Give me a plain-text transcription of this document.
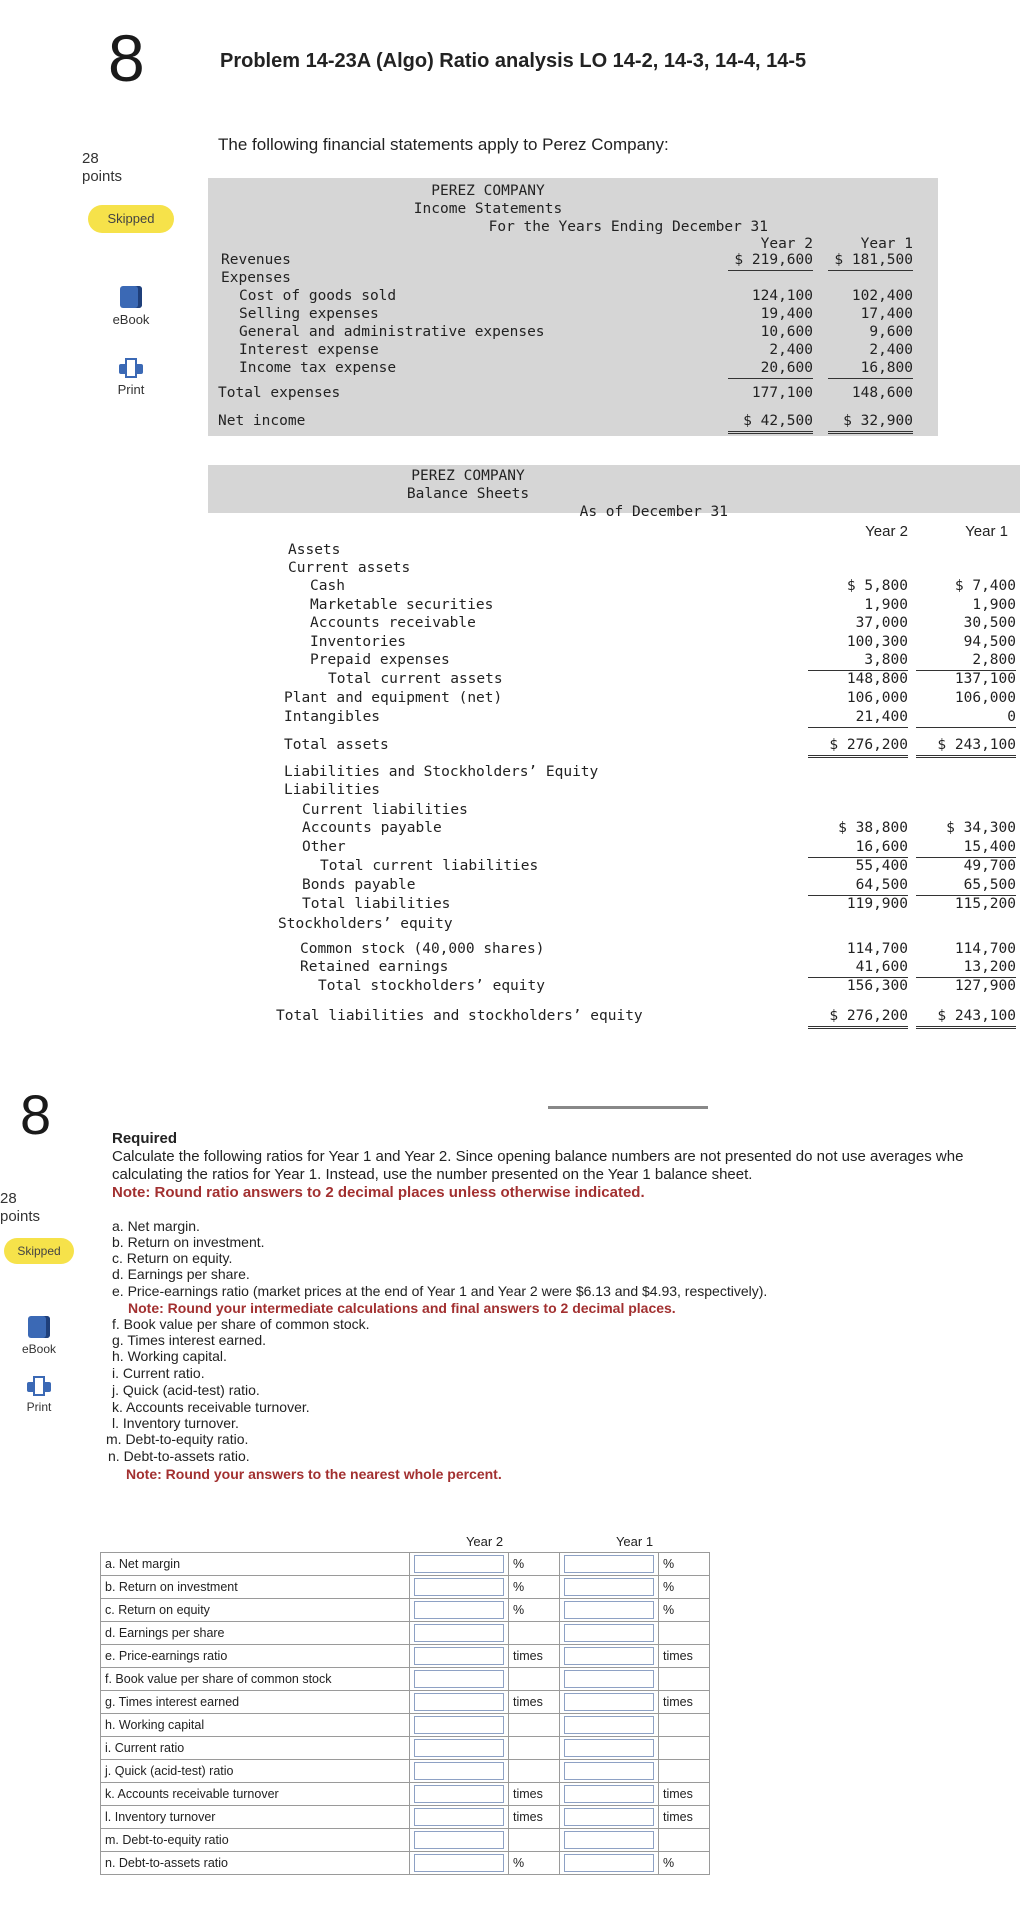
8
28
points
Skipped
eBook
Print
Problem 14-23A (Algo) Ratio analysis LO 14-2, 14-3, 14-4, 14-5
The following financial statements apply to Perez Company:
PEREZ COMPANY
Income Statements
For the Years Ending December 31
Year 2	Year 1
Revenues	$ 219,600	$ 181,500
Expenses
Cost of goods sold	124,100	102,400
Selling expenses	19,400	17,400
General and administrative expenses	10,600	9,600
Interest expense	2,400	2,400
Income tax expense	20,600	16,800
Total expenses	177,100	148,600
Net income	$ 42,500	$ 32,900
PEREZ COMPANY
Balance Sheets
As of December 31
Year 2	Year 1
Assets
Current assets
Cash	$ 5,800	$ 7,400
Marketable securities	1,900	1,900
Accounts receivable	37,000	30,500
Inventories	100,300	94,500
Prepaid expenses	3,800	2,800
Total current assets	148,800	137,100
Plant and equipment (net)	106,000	106,000
Intangibles	21,400	0
Total assets	$ 276,200	$ 243,100
Liabilities and Stockholders’ Equity
Liabilities
Current liabilities
Accounts payable	$ 38,800	$ 34,300
Other	16,600	15,400
Total current liabilities	55,400	49,700
Bonds payable	64,500	65,500
Total liabilities	119,900	115,200
Stockholders’ equity
Common stock (40,000 shares)	114,700	114,700
Retained earnings	41,600	13,200
Total stockholders’ equity	156,300	127,900
Total liabilities and stockholders’ equity	$ 276,200	$ 243,100
8
28
points
Skipped
eBook
Print
Required
Calculate the following ratios for Year 1 and Year 2. Since opening balance numbers are not presented do not use averages whe
calculating the ratios for Year 1. Instead, use the number presented on the Year 1 balance sheet.
Note: Round ratio answers to 2 decimal places unless otherwise indicated.
a. Net margin.
b. Return on investment.
c. Return on equity.
d. Earnings per share.
e. Price-earnings ratio (market prices at the end of Year 1 and Year 2 were $6.13 and $4.93, respectively).
Note: Round your intermediate calculations and final answers to 2 decimal places.
f. Book value per share of common stock.
g. Times interest earned.
h. Working capital.
i. Current ratio.
j. Quick (acid-test) ratio.
k. Accounts receivable turnover.
l. Inventory turnover.
m. Debt-to-equity ratio.
n. Debt-to-assets ratio.
Note: Round your answers to the nearest whole percent.
	Year 2		Year 1	
a. Net margin		%		%
b. Return on investment		%		%
c. Return on equity		%		%
d. Earnings per share				
e. Price-earnings ratio		times		times
f. Book value per share of common stock				
g. Times interest earned		times		times
h. Working capital				
i. Current ratio				
j. Quick (acid-test) ratio				
k. Accounts receivable turnover		times		times
l. Inventory turnover		times		times
m. Debt-to-equity ratio				
n. Debt-to-assets ratio		%		%
